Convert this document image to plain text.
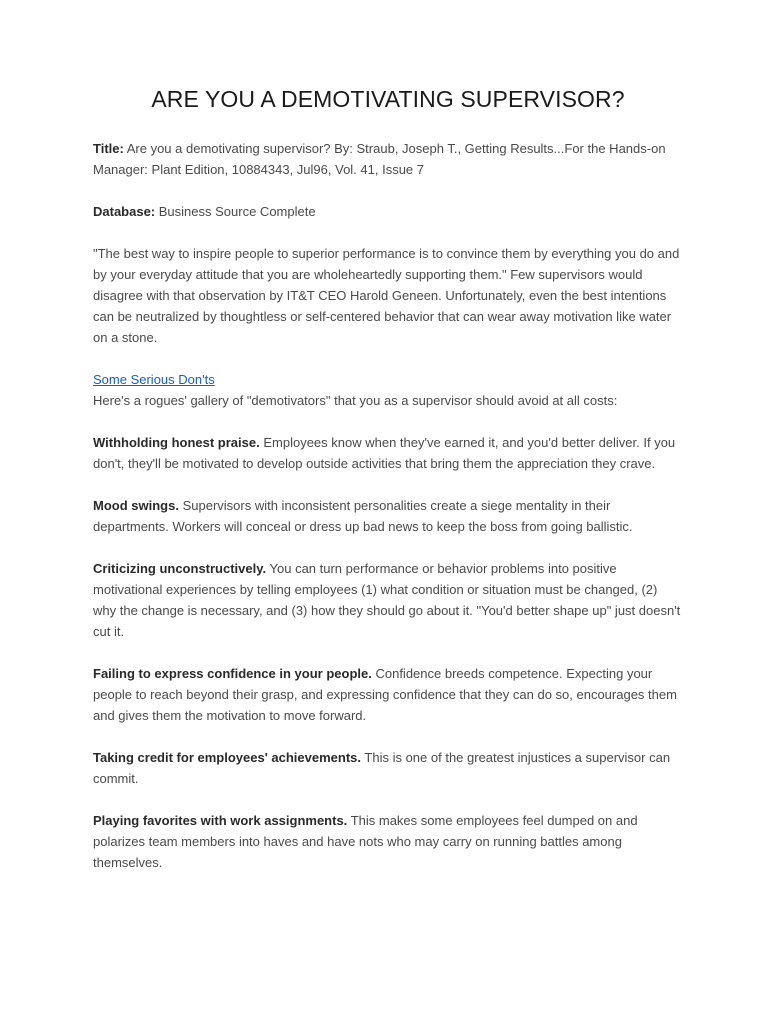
ARE YOU A DEMOTIVATING SUPERVISOR?

Title: Are you a demotivating supervisor? By: Straub, Joseph T., Getting Results...For the Hands-on Manager: Plant Edition, 10884343, Jul96, Vol. 41, Issue 7

Database: Business Source Complete

"The best way to inspire people to superior performance is to convince them by everything you do and by your everyday attitude that you are wholeheartedly supporting them." Few supervisors would disagree with that observation by IT&T CEO Harold Geneen. Unfortunately, even the best intentions can be neutralized by thoughtless or self-centered behavior that can wear away motivation like water on a stone.

Some Serious Don'ts
Here's a rogues' gallery of "demotivators" that you as a supervisor should avoid at all costs:

Withholding honest praise. Employees know when they've earned it, and you'd better deliver. If you don't, they'll be motivated to develop outside activities that bring them the appreciation they crave.

Mood swings. Supervisors with inconsistent personalities create a siege mentality in their departments. Workers will conceal or dress up bad news to keep the boss from going ballistic.

Criticizing unconstructively. You can turn performance or behavior problems into positive motivational experiences by telling employees (1) what condition or situation must be changed, (2) why the change is necessary, and (3) how they should go about it. "You'd better shape up" just doesn't cut it.

Failing to express confidence in your people. Confidence breeds competence. Expecting your people to reach beyond their grasp, and expressing confidence that they can do so, encourages them and gives them the motivation to move forward.

Taking credit for employees' achievements. This is one of the greatest injustices a supervisor can commit.

Playing favorites with work assignments. This makes some employees feel dumped on and polarizes team members into haves and have nots who may carry on running battles among themselves.
